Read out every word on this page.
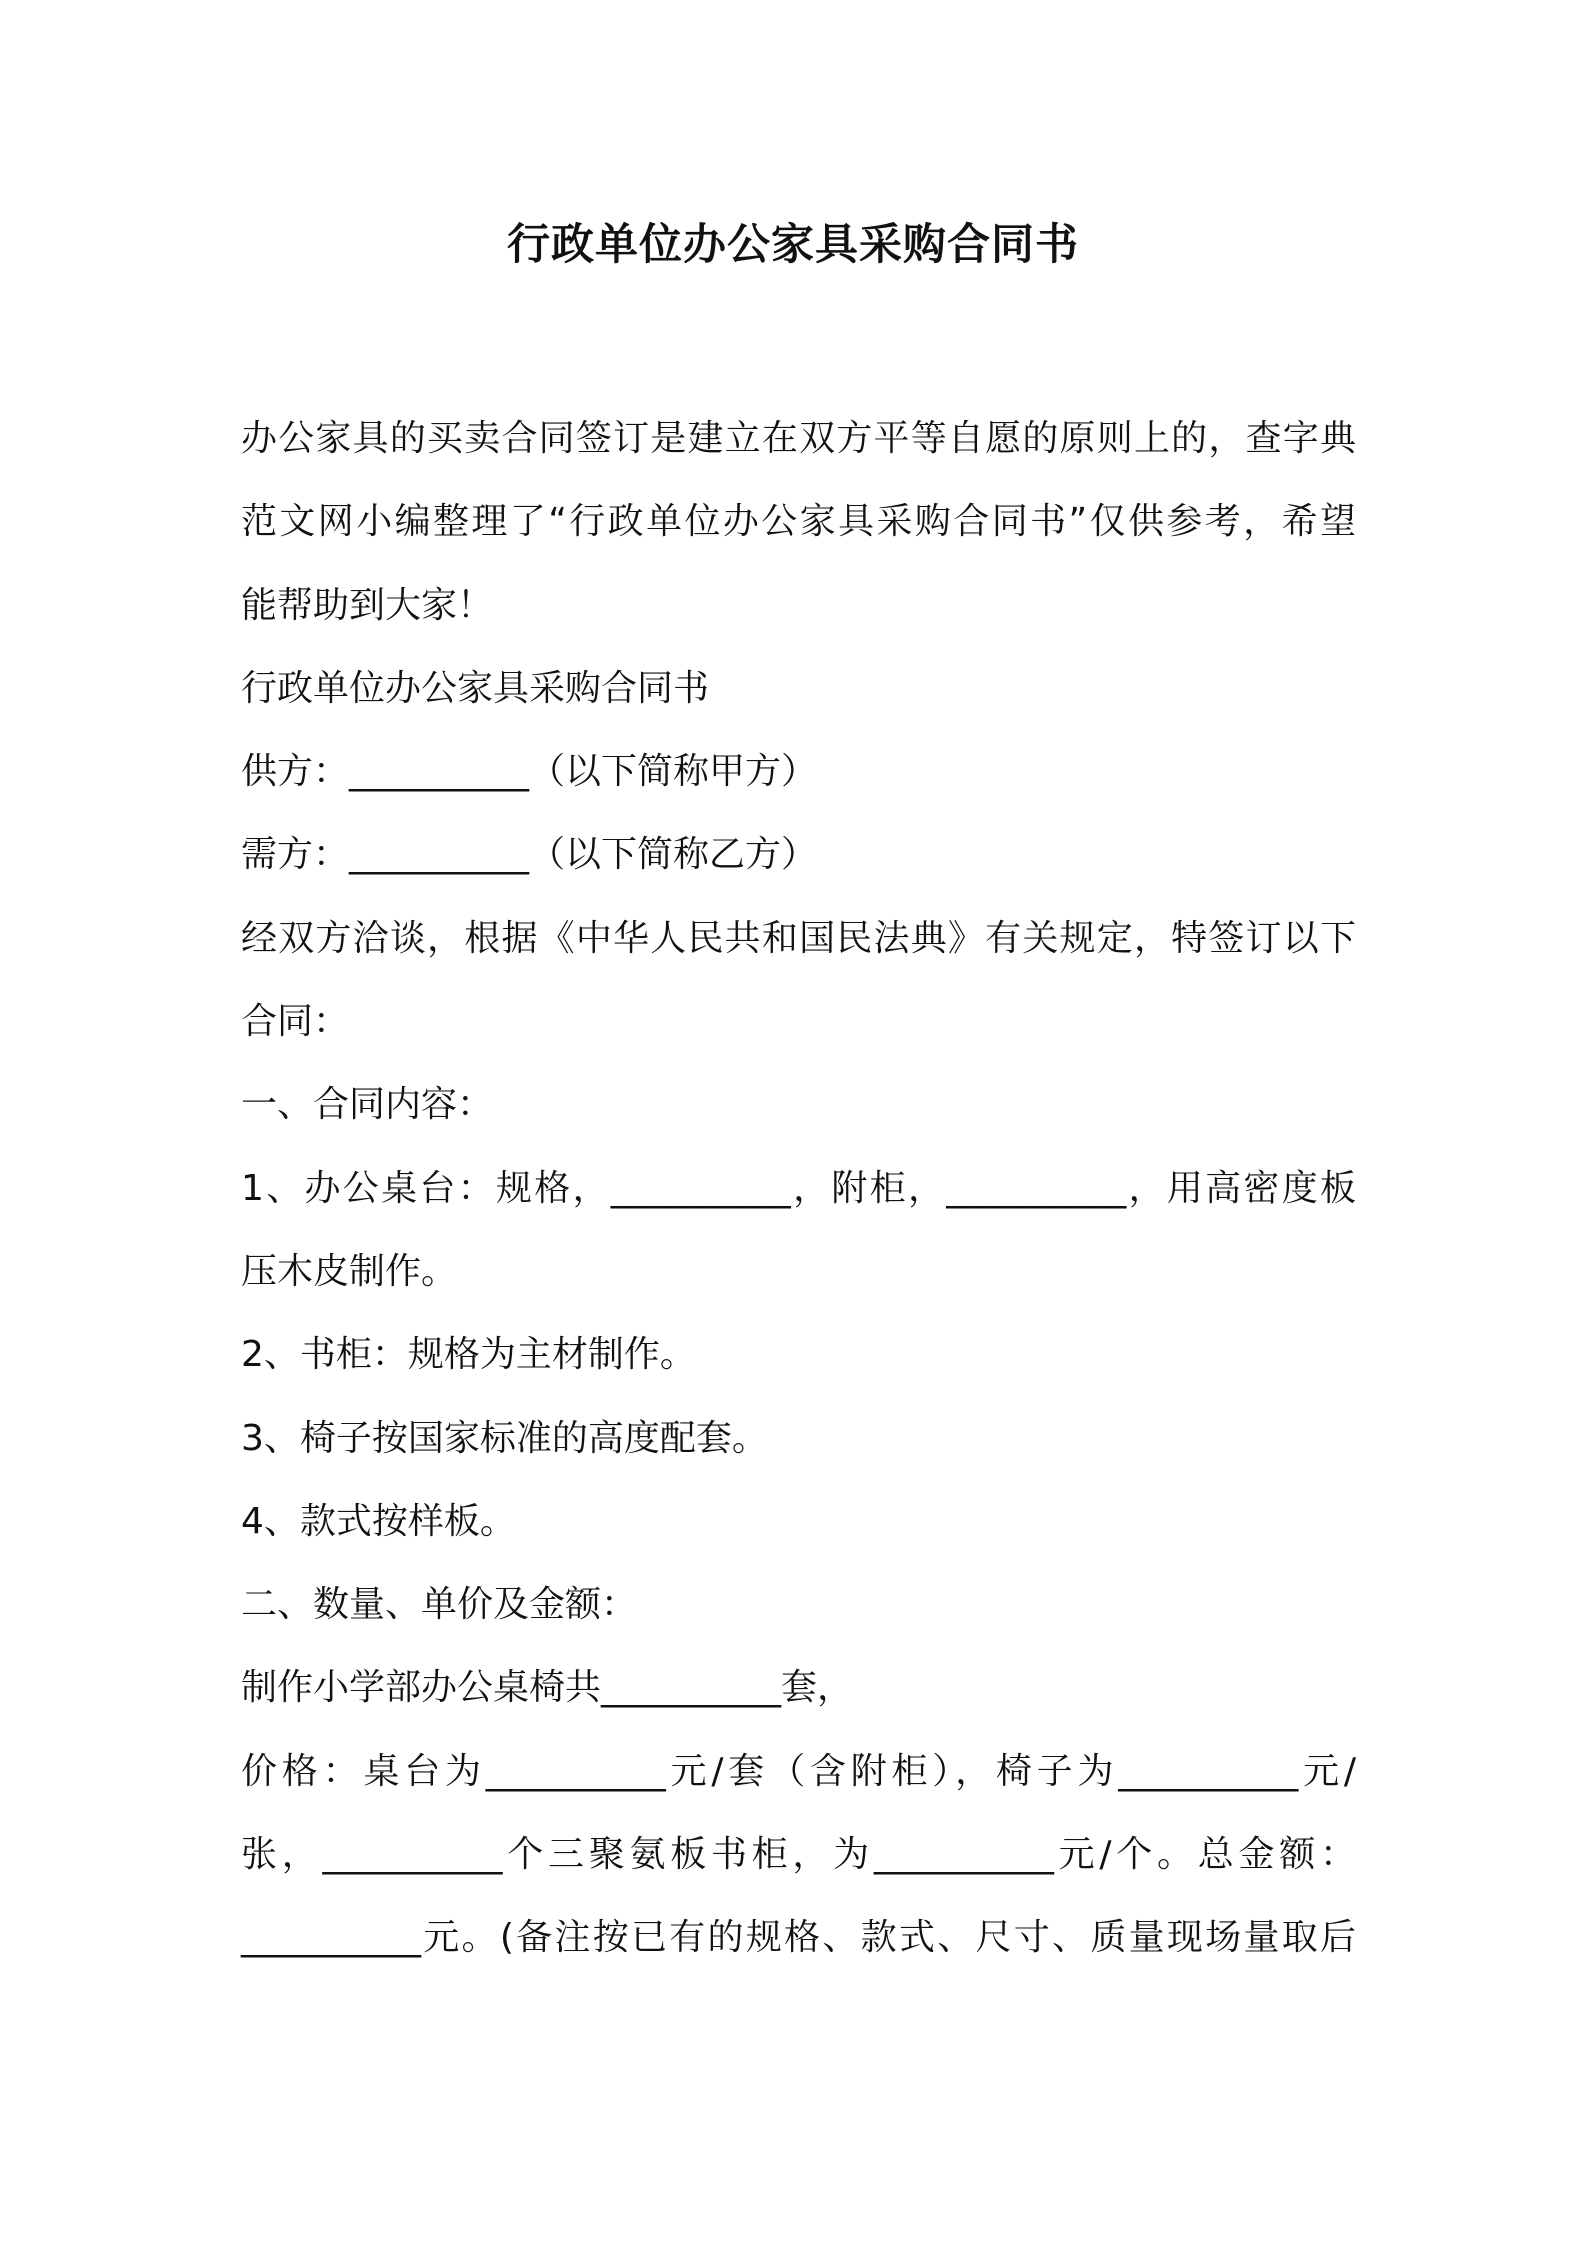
行政单位办公家具采购合同书
办公家具的买卖合同签订是建立在双方平等自愿的原则上的，查字典
范文网小编整理了“行政单位办公家具采购合同书”仅供参考，希望
能帮助到大家！
行政单位办公家具采购合同书
供方：__________（以下简称甲方）
需方：__________（以下简称乙方）
经双方洽谈，根据《中华人民共和国民法典》有关规定，特签订以下
合同：
一、合同内容：
1、办公桌台：规格，__________，附柜，__________，用高密度板
压木皮制作。
2、书柜：规格为主材制作。
3、椅子按国家标准的高度配套。
4、款式按样板。
二、数量、单价及金额：
制作小学部办公桌椅共__________套，
价格：桌台为__________元/套（含附柜），椅子为__________元/
张，__________个三聚氨板书柜，为__________元/个。总金额：
__________元。(备注按已有的规格、款式、尺寸、质量现场量取后
